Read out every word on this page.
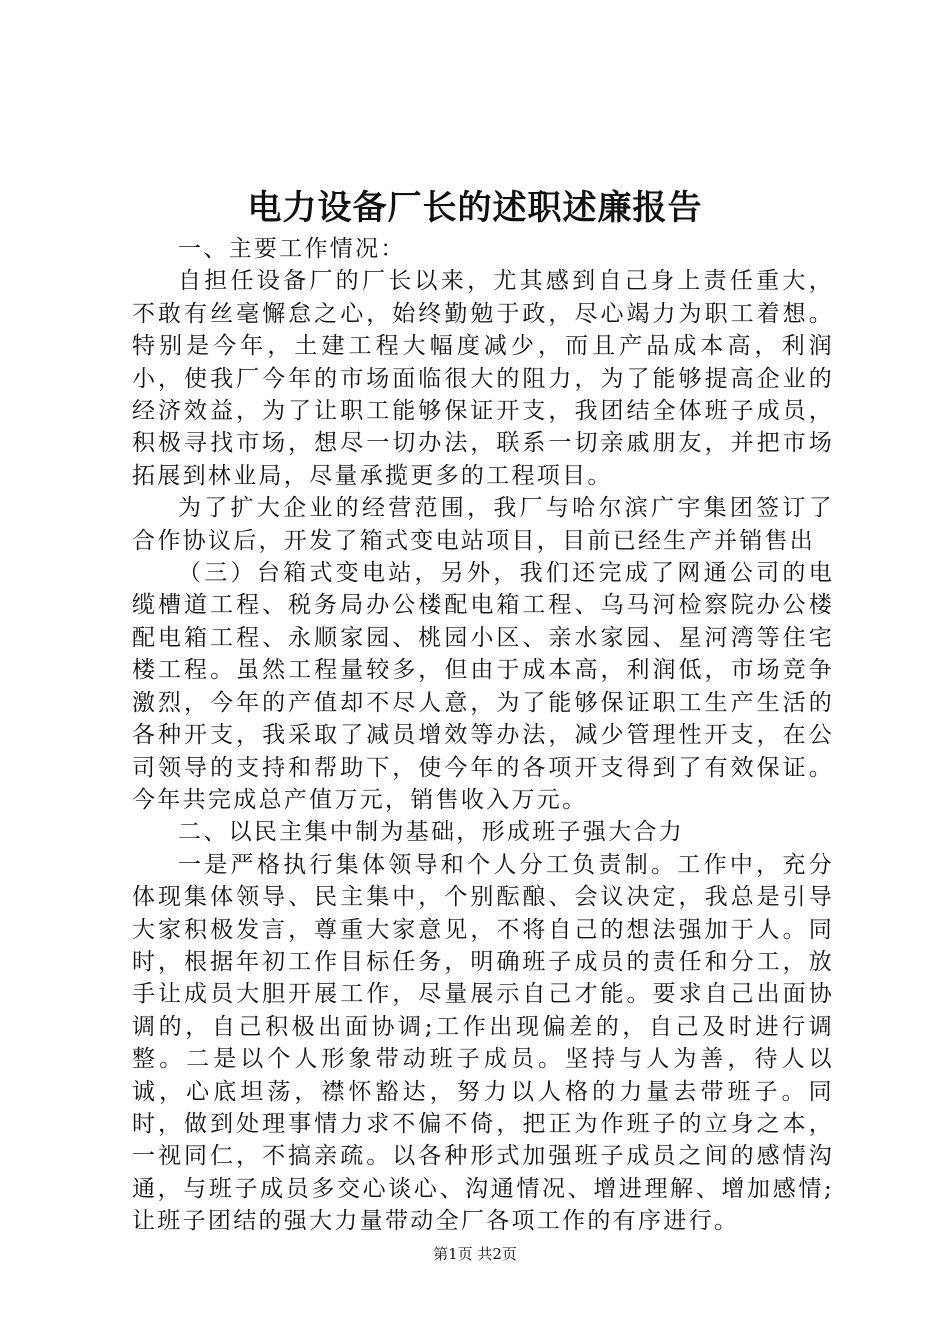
电力设备厂长的述职述廉报告

一、主要工作情况：

自担任设备厂的厂长以来，尤其感到自己身上责任重大，不敢有丝毫懈怠之心，始终勤勉于政，尽心竭力为职工着想。特别是今年，土建工程大幅度减少，而且产品成本高，利润小，使我厂今年的市场面临很大的阻力，为了能够提高企业的经济效益，为了让职工能够保证开支，我团结全体班子成员，积极寻找市场，想尽一切办法，联系一切亲戚朋友，并把市场拓展到林业局，尽量承揽更多的工程项目。

为了扩大企业的经营范围，我厂与哈尔滨广宇集团签订了合作协议后，开发了箱式变电站项目，目前已经生产并销售出

（三）台箱式变电站，另外，我们还完成了网通公司的电缆槽道工程、税务局办公楼配电箱工程、乌马河检察院办公楼配电箱工程、永顺家园、桃园小区、亲水家园、星河湾等住宅楼工程。虽然工程量较多，但由于成本高，利润低，市场竞争激烈，今年的产值却不尽人意，为了能够保证职工生产生活的各种开支，我采取了减员增效等办法，减少管理性开支，在公司领导的支持和帮助下，使今年的各项开支得到了有效保证。今年共完成总产值万元，销售收入万元。

二、以民主集中制为基础，形成班子强大合力

一是严格执行集体领导和个人分工负责制。工作中，充分体现集体领导、民主集中，个别酝酿、会议决定，我总是引导大家积极发言，尊重大家意见，不将自己的想法强加于人。同时，根据年初工作目标任务，明确班子成员的责任和分工，放手让成员大胆开展工作，尽量展示自己才能。要求自己出面协调的，自己积极出面协调;工作出现偏差的，自己及时进行调整。二是以个人形象带动班子成员。坚持与人为善，待人以诚，心底坦荡，襟怀豁达，努力以人格的力量去带班子。同时，做到处理事情力求不偏不倚，把正为作班子的立身之本，一视同仁，不搞亲疏。以各种形式加强班子成员之间的感情沟通，与班子成员多交心谈心、沟通情况、增进理解、增加感情;让班子团结的强大力量带动全厂各项工作的有序进行。

第1页 共2页
